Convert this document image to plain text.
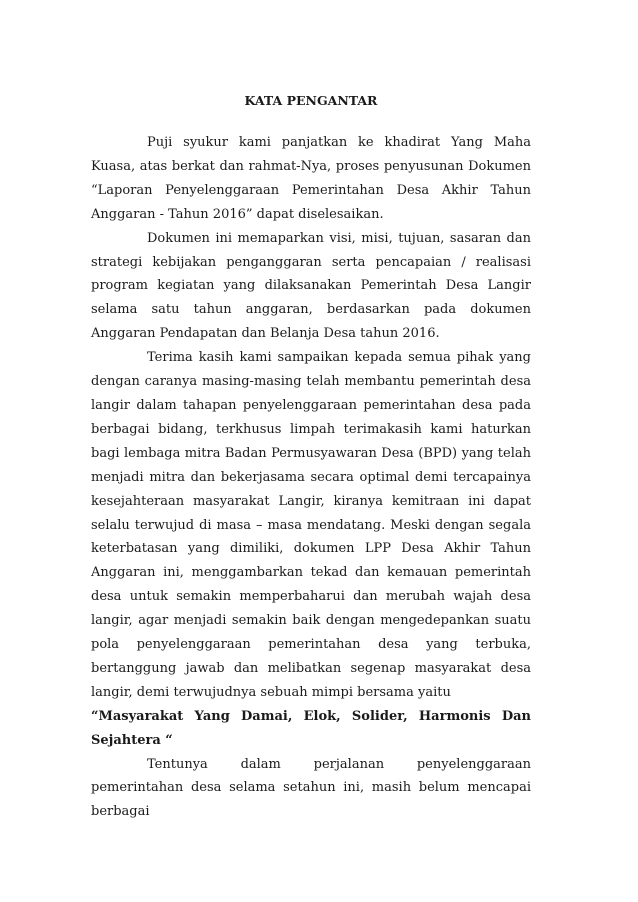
KATA PENGANTAR

Puji syukur kami panjatkan ke khadirat Yang Maha Kuasa, atas berkat dan rahmat-Nya, proses penyusunan Dokumen “Laporan Penyelenggaraan Pemerintahan Desa Akhir Tahun Anggaran - Tahun 2016” dapat diselesaikan.

Dokumen ini memaparkan visi, misi, tujuan, sasaran dan strategi kebijakan penganggaran serta pencapaian / realisasi program kegiatan yang dilaksanakan Pemerintah Desa Langir selama satu tahun anggaran, berdasarkan pada dokumen Anggaran Pendapatan dan Belanja Desa tahun 2016.

Terima kasih kami sampaikan kepada semua pihak yang dengan caranya masing-masing telah membantu pemerintah desa langir dalam tahapan penyelenggaraan pemerintahan desa pada berbagai bidang, terkhusus limpah terimakasih kami haturkan bagi lembaga mitra Badan Permusyawaran Desa (BPD) yang telah menjadi mitra dan bekerjasama secara optimal demi tercapainya kesejahteraan masyarakat Langir, kiranya kemitraan ini dapat selalu terwujud di masa – masa mendatang. Meski dengan segala keterbatasan yang dimiliki, dokumen LPP Desa Akhir Tahun Anggaran ini, menggambarkan tekad dan kemauan pemerintah desa untuk semakin memperbaharui dan merubah wajah desa langir, agar menjadi semakin baik dengan mengedepankan suatu pola penyelenggaraan pemerintahan desa yang terbuka, bertanggung jawab dan melibatkan segenap masyarakat desa langir, demi terwujudnya sebuah mimpi bersama yaitu

“Masyarakat Yang Damai, Elok, Solider, Harmonis Dan Sejahtera “

Tentunya dalam perjalanan penyelenggaraan pemerintahan desa selama setahun ini, masih belum mencapai berbagai
